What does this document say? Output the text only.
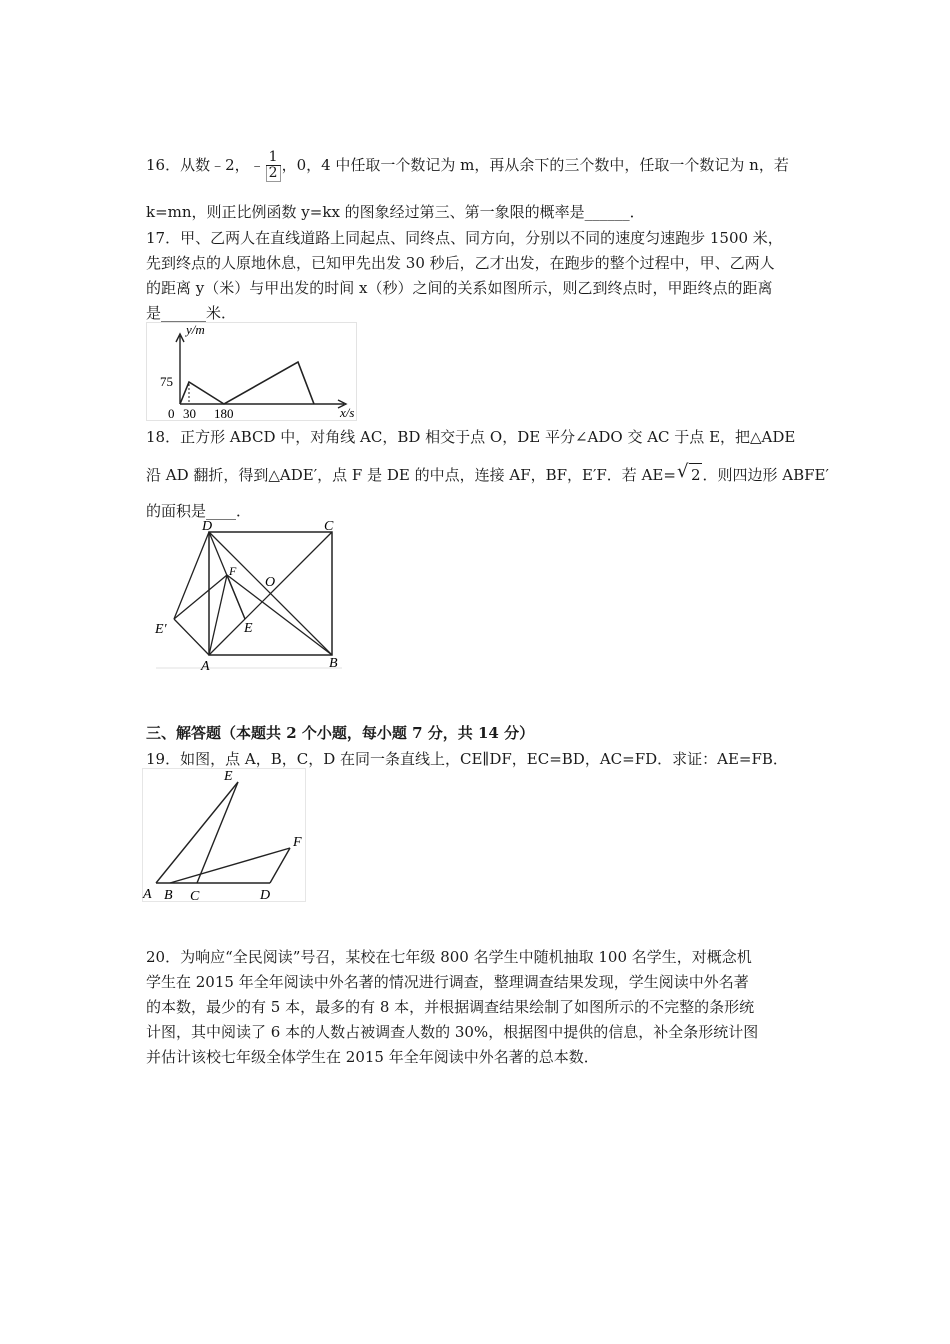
16．从数﹣2，﹣ $\frac{1}{2}$ ，0，4 中任取一个数记为 m，再从余下的三个数中，任取一个数记为 n，若
k=mn，则正比例函数 y=kx 的图象经过第三、第一象限的概率是______．
17．甲、乙两人在直线道路上同起点、同终点、同方向，分别以不同的速度匀速跑步 1500 米，
先到终点的人原地休息，已知甲先出发 30 秒后，乙才出发，在跑步的整个过程中，甲、乙两人
的距离 y（米）与甲出发的时间 x（秒）之间的关系如图所示，则乙到终点时，甲距终点的距离
是______米．
y/m
x/s
75
0 30 180
18．正方形 ABCD 中，对角线 AC，BD 相交于点 O，DE 平分∠ADO 交 AC 于点 E，把△ADE
沿 AD 翻折，得到△ADE′，点 F 是 DE 的中点，连接 AF，BF，E′F．若 AE=√ 2 ．则四边形 ABFE′
的面积是____．
D	C
F
O
E′	E
A	B
三、解答题（本题共 2 个小题，每小题 7 分，共 14 分）
19．如图，点 A，B，C，D 在同一条直线上，CE∥DF，EC=BD，AC=FD．求证：AE=FB．
E
F
A B C	D
20．为响应“全民阅读”号召，某校在七年级 800 名学生中随机抽取 100 名学生，对概念机
学生在 2015 年全年阅读中外名著的情况进行调查，整理调查结果发现，学生阅读中外名著
的本数，最少的有 5 本，最多的有 8 本，并根据调查结果绘制了如图所示的不完整的条形统
计图，其中阅读了 6 本的人数占被调查人数的 30%，根据图中提供的信息，补全条形统计图
并估计该校七年级全体学生在 2015 年全年阅读中外名著的总本数．
